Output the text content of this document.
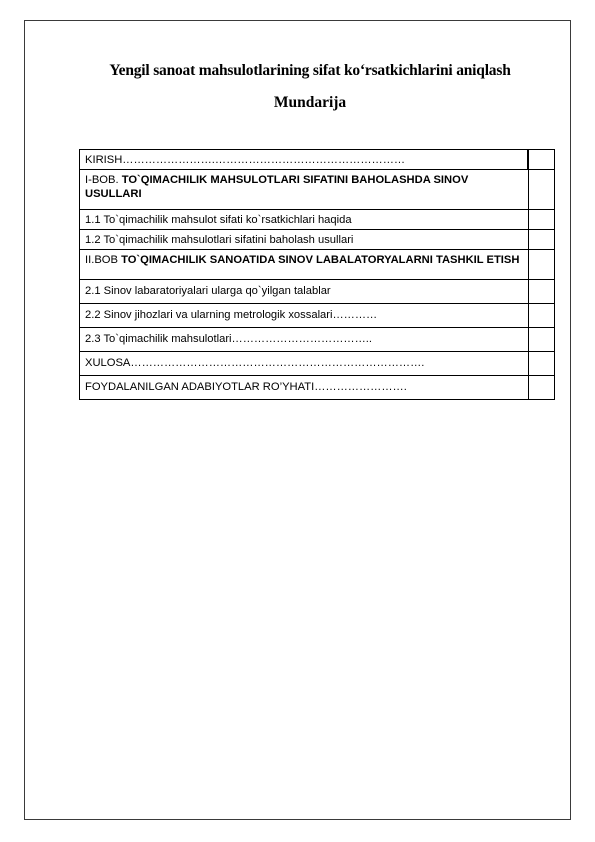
Yengil sanoat mahsulotlarining sifat ko‘rsatkichlarini aniqlash
Mundarija
KIRISH…………………….……………………………………………
I-BOB. TO`QIMACHILIK MAHSULOTLARI SIFATINI BAHOLASHDA SINOV USULLARI
1.1 To`qimachilik mahsulot sifati ko`rsatkichlari haqida
1.2 To`qimachilik mahsulotlari sifatini baholash usullari
II.BOB TO`QIMACHILIK SANOATIDA SINOV LABALATORYALARNI TASHKIL ETISH
2.1 Sinov labaratoriyalari ularga qo`yilgan talablar
2.2 Sinov jihozlari va ularning metrologik xossalari…………
2.3 To`qimachilik mahsulotlari………………………………..
XULOSA…………………………………………………………………….
FOYDALANILGAN ADABIYOTLAR RO’YHATI…………………….
